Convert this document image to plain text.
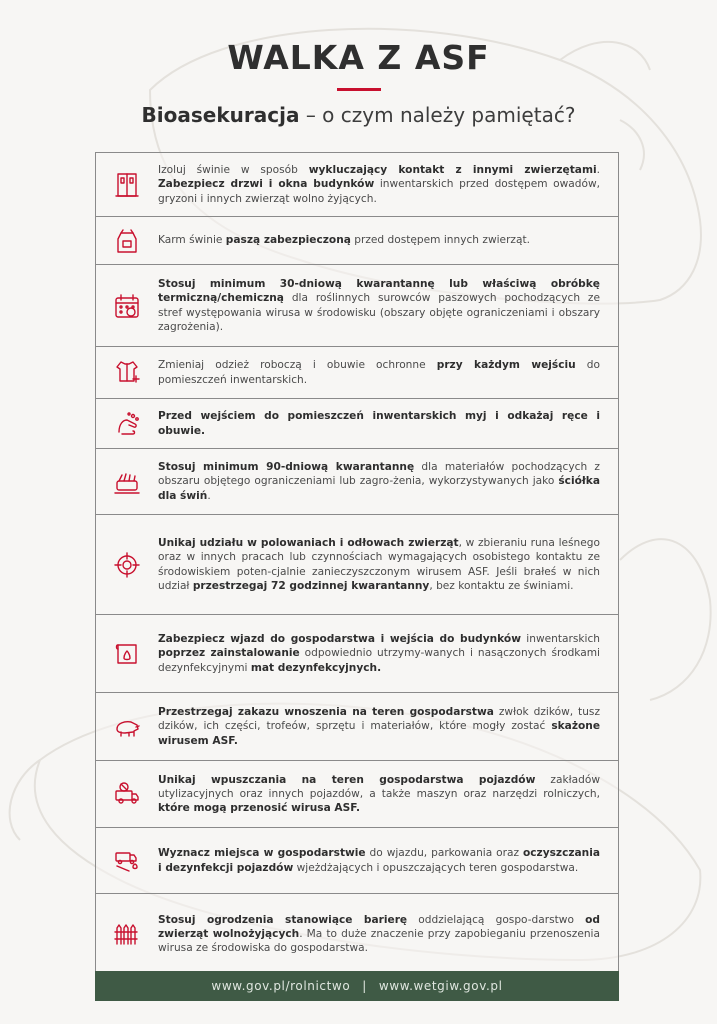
WALKA Z ASF

Bioasekuracja – o czym należy pamiętać?

Izoluj świnie w sposób wykluczający kontakt z innymi zwierzętami. Zabezpiecz drzwi i okna budynków inwentarskich przed dostępem owadów, gryzoni i innych zwierząt wolno żyjących.
Karm świnie paszą zabezpieczoną przed dostępem innych zwierząt.
Stosuj minimum 30-dniową kwarantannę lub właściwą obróbkę termiczną/chemiczną dla roślinnych surowców paszowych pochodzących ze stref występowania wirusa w środowisku (obszary objęte ograniczeniami i obszary zagrożenia).
Zmieniaj odzież roboczą i obuwie ochronne przy każdym wejściu do pomieszczeń inwentarskich.
Przed wejściem do pomieszczeń inwentarskich myj i odkażaj ręce i obuwie.
Stosuj minimum 90-dniową kwarantannę dla materiałów pochodzących z obszaru objętego ograniczeniami lub zagro-żenia, wykorzystywanych jako ściółka dla świń.
Unikaj udziału w polowaniach i odłowach zwierząt, w zbieraniu runa leśnego oraz w innych pracach lub czynnościach wymagających osobistego kontaktu ze środowiskiem poten-cjalnie zanieczyszczonym wirusem ASF. Jeśli brałeś w nich udział przestrzegaj 72 godzinnej kwarantanny, bez kontaktu ze świniami.
Zabezpiecz wjazd do gospodarstwa i wejścia do budynków inwentarskich poprzez zainstalowanie odpowiednio utrzymy-wanych i nasączonych środkami dezynfekcyjnymi mat dezynfekcyjnych.
Przestrzegaj zakazu wnoszenia na teren gospodarstwa zwłok dzików, tusz dzików, ich części, trofeów, sprzętu i materiałów, które mogły zostać skażone wirusem ASF.
Unikaj wpuszczania na teren gospodarstwa pojazdów zakładów utylizacyjnych oraz innych pojazdów, a także maszyn oraz narzędzi rolniczych, które mogą przenosić wirusa ASF.
Wyznacz miejsca w gospodarstwie do wjazdu, parkowania oraz oczyszczania i dezynfekcji pojazdów wjeżdżających i opuszczających teren gospodarstwa.
Stosuj ogrodzenia stanowiące barierę oddzielającą gospo-darstwo od zwierząt wolnożyjących. Ma to duże znaczenie przy zapobieganiu przenoszenia wirusa ze środowiska do gospodarstwa.
www.gov.pl/rolnictwo | www.wetgiw.gov.pl
